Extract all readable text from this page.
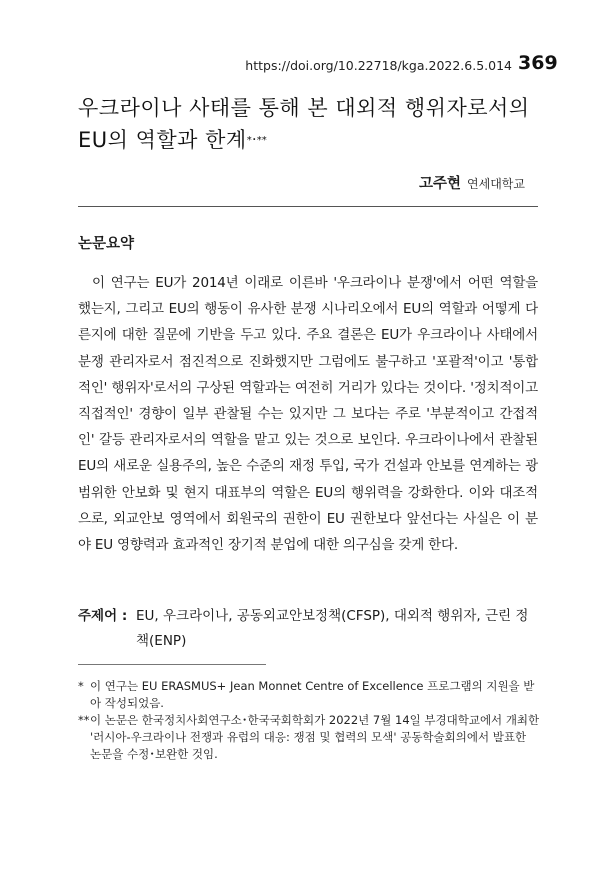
https://doi.org/10.22718/kga.2022.6.5.014 369
우크라이나 사태를 통해 본 대외적 행위자로서의
EU의 역할과 한계*･**
고주현 연세대학교
논문요약
이 연구는 EU가 2014년 이래로 이른바 '우크라이나 분쟁'에서 어떤 역할을 했는지, 그리고 EU의 행동이 유사한 분쟁 시나리오에서 EU의 역할과 어떻게 다른지에 대한 질문에 기반을 두고 있다. 주요 결론은 EU가 우크라이나 사태에서 분쟁 관리자로서 점진적으로 진화했지만 그럼에도 불구하고 '포괄적'이고 '통합적인' 행위자'로서의 구상된 역할과는 여전히 거리가 있다는 것이다. '정치적이고 직접적인' 경향이 일부 관찰될 수는 있지만 그 보다는 주로 '부분적이고 간접적인' 갈등 관리자로서의 역할을 맡고 있는 것으로 보인다. 우크라이나에서 관찰된 EU의 새로운 실용주의, 높은 수준의 재정 투입, 국가 건설과 안보를 연계하는 광범위한 안보화 및 현지 대표부의 역할은 EU의 행위력을 강화한다. 이와 대조적으로, 외교안보 영역에서 회원국의 권한이 EU 권한보다 앞선다는 사실은 이 분야 EU 영향력과 효과적인 장기적 분업에 대한 의구심을 갖게 한다.
주제어 : EU, 우크라이나, 공동외교안보정책(CFSP), 대외적 행위자, 근린 정책(ENP)
* 이 연구는 EU ERASMUS+ Jean Monnet Centre of Excellence 프로그램의 지원을 받아 작성되었음.
** 이 논문은 한국정치사회연구소･한국국회학회가 2022년 7월 14일 부경대학교에서 개최한 '러시아-우크라이나 전쟁과 유럽의 대응: 쟁점 및 협력의 모색' 공동학술회의에서 발표한 논문을 수정･보완한 것임.
